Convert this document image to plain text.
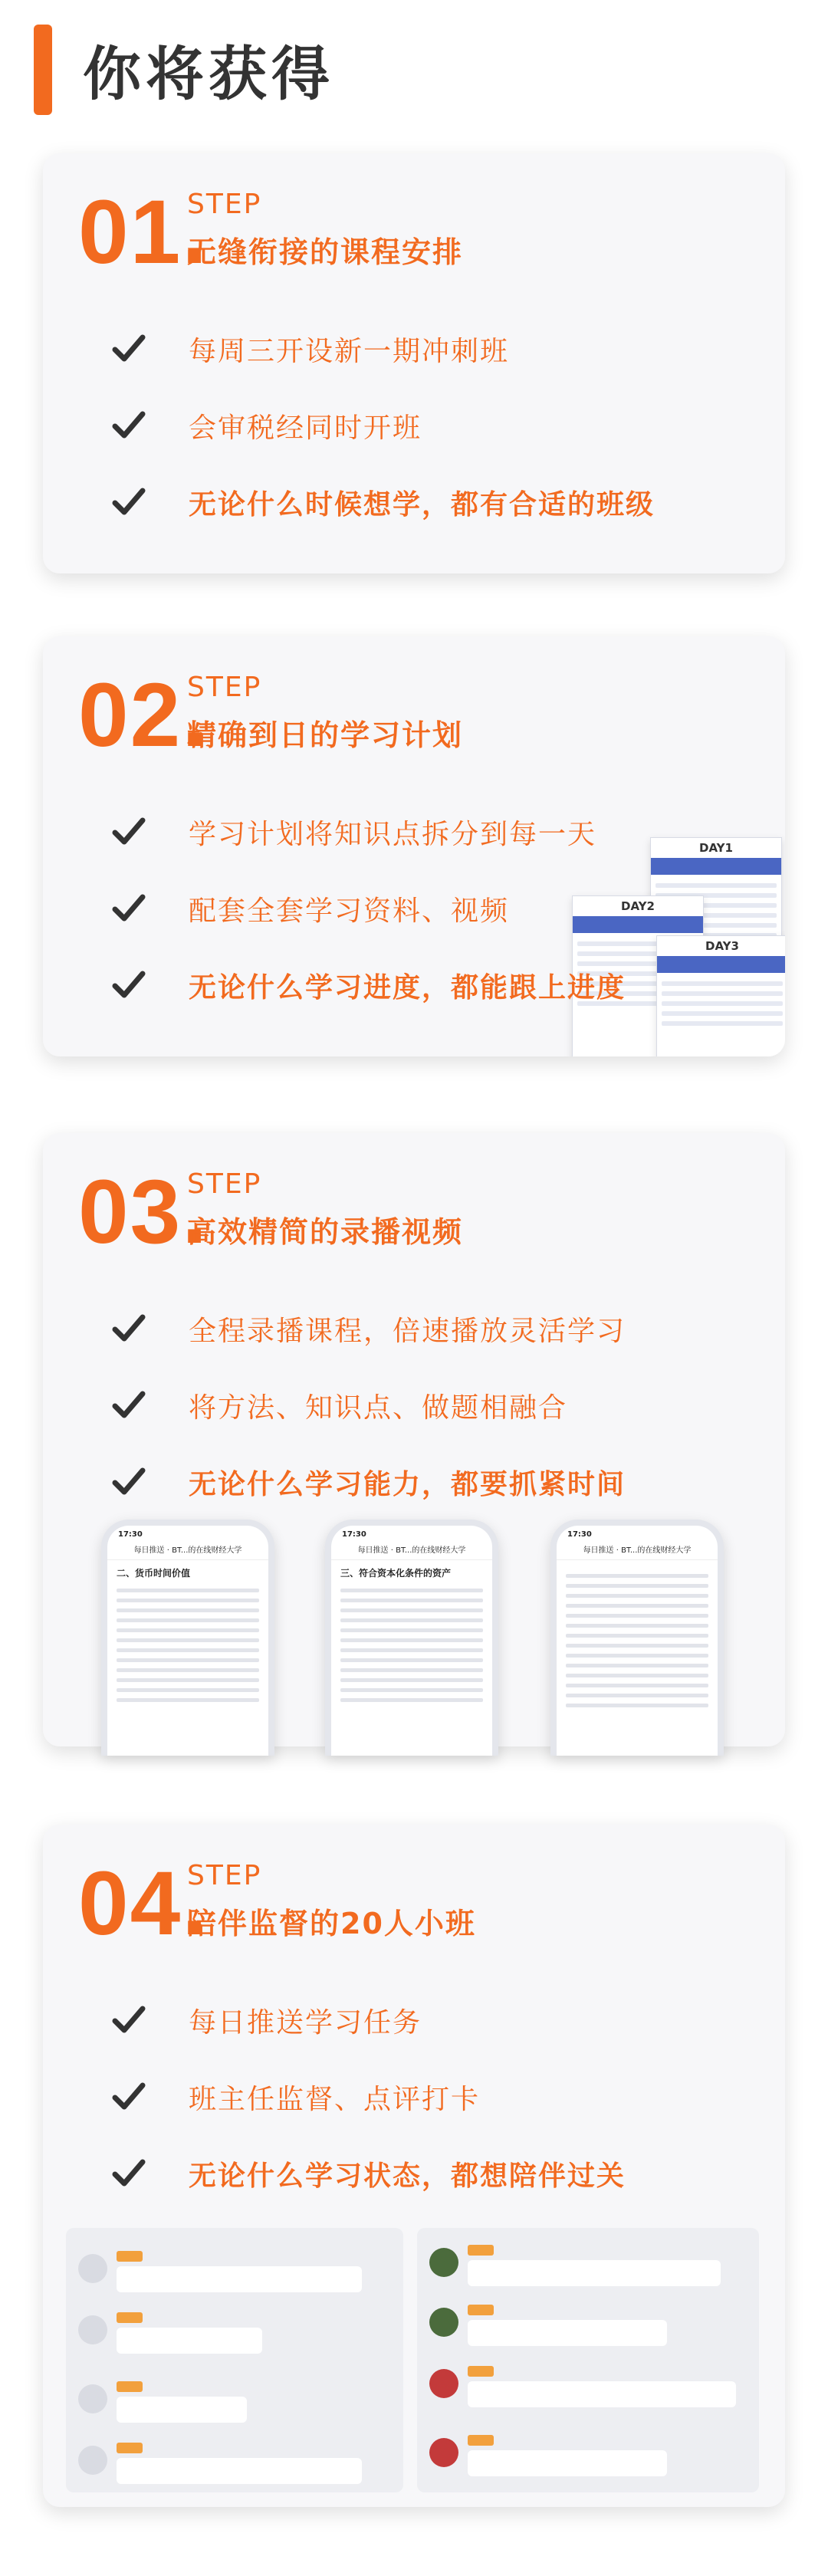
你将获得
01.
STEP
无缝衔接的课程安排
每周三开设新一期冲刺班
会审税经同时开班
无论什么时候想学，都有合适的班级
02.
STEP
精确到日的学习计划
DAY1
DAY2
DAY3
学习计划将知识点拆分到每一天
配套全套学习资料、视频
无论什么学习进度，都能跟上进度
03.
STEP
高效精简的录播视频
全程录播课程，倍速播放灵活学习
将方法、知识点、做题相融合
无论什么学习能力，都要抓紧时间
17:30
每日推送 · BT...的在线财经大学
二、货币时间价值
17:30
每日推送 · BT...的在线财经大学
三、符合资本化条件的资产
17:30
每日推送 · BT...的在线财经大学
04.
STEP
陪伴监督的20人小班
每日推送学习任务
班主任监督、点评打卡
无论什么学习状态，都想陪伴过关
